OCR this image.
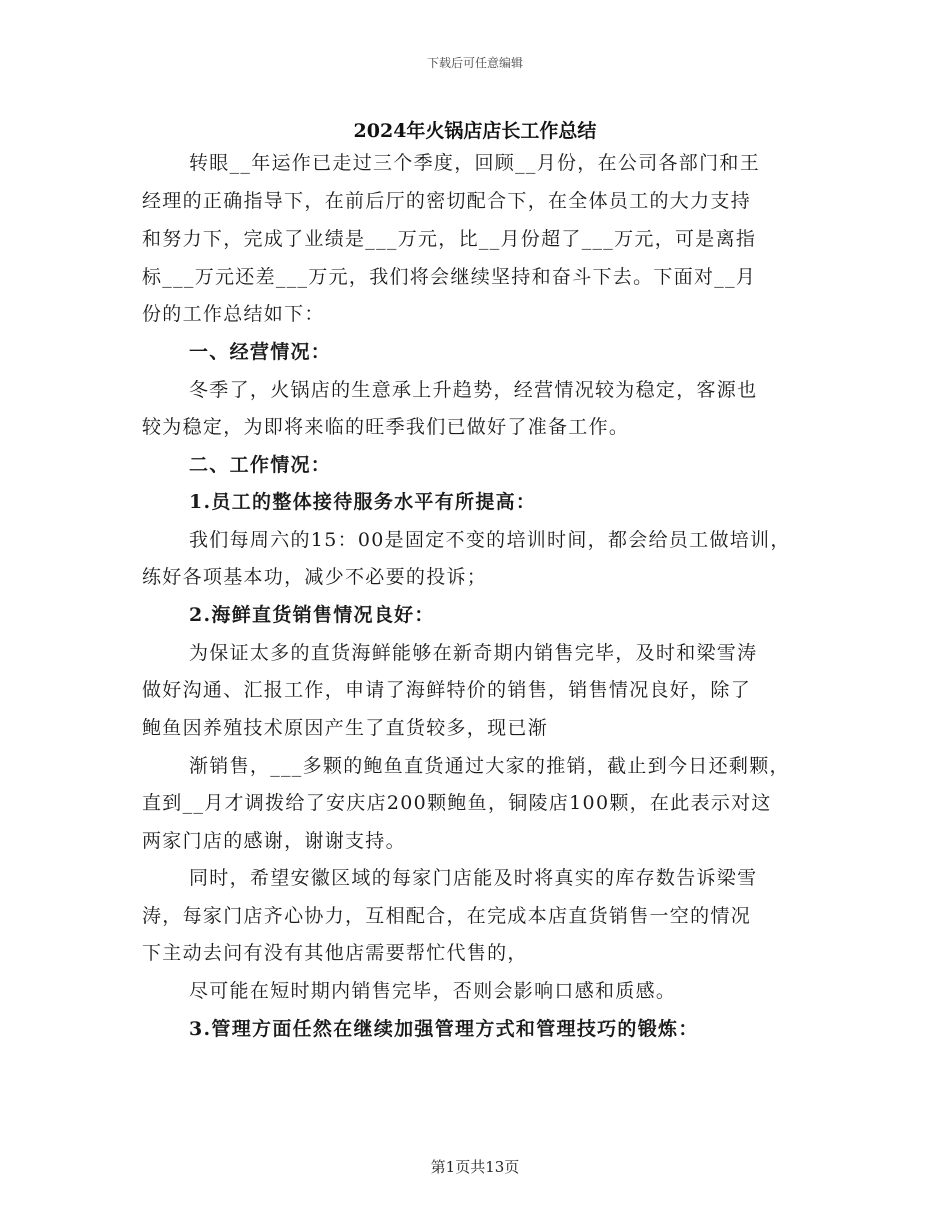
下载后可任意编辑
2024年火锅店店长工作总结
转眼__年运作已走过三个季度，回顾__月份，在公司各部门和王
经理的正确指导下，在前后厅的密切配合下，在全体员工的大力支持
和努力下，完成了业绩是___万元，比__月份超了___万元，可是离指
标___万元还差___万元，我们将会继续坚持和奋斗下去。下面对__月
份的工作总结如下：
一、经营情况：
冬季了，火锅店的生意承上升趋势，经营情况较为稳定，客源也
较为稳定，为即将来临的旺季我们已做好了准备工作。
二、工作情况：
1.员工的整体接待服务水平有所提高：
我们每周六的15：00是固定不变的培训时间，都会给员工做培训，
练好各项基本功，减少不必要的投诉；
2.海鲜直货销售情况良好：
为保证太多的直货海鲜能够在新奇期内销售完毕，及时和梁雪涛
做好沟通、汇报工作，申请了海鲜特价的销售，销售情况良好，除了
鲍鱼因养殖技术原因产生了直货较多，现已渐
渐销售，___多颗的鲍鱼直货通过大家的推销，截止到今日还剩颗，
直到__月才调拨给了安庆店200颗鲍鱼，铜陵店100颗，在此表示对这
两家门店的感谢，谢谢支持。
同时，希望安徽区域的每家门店能及时将真实的库存数告诉梁雪
涛，每家门店齐心协力，互相配合，在完成本店直货销售一空的情况
下主动去问有没有其他店需要帮忙代售的，
尽可能在短时期内销售完毕，否则会影响口感和质感。
3.管理方面任然在继续加强管理方式和管理技巧的锻炼：
第1页共13页
